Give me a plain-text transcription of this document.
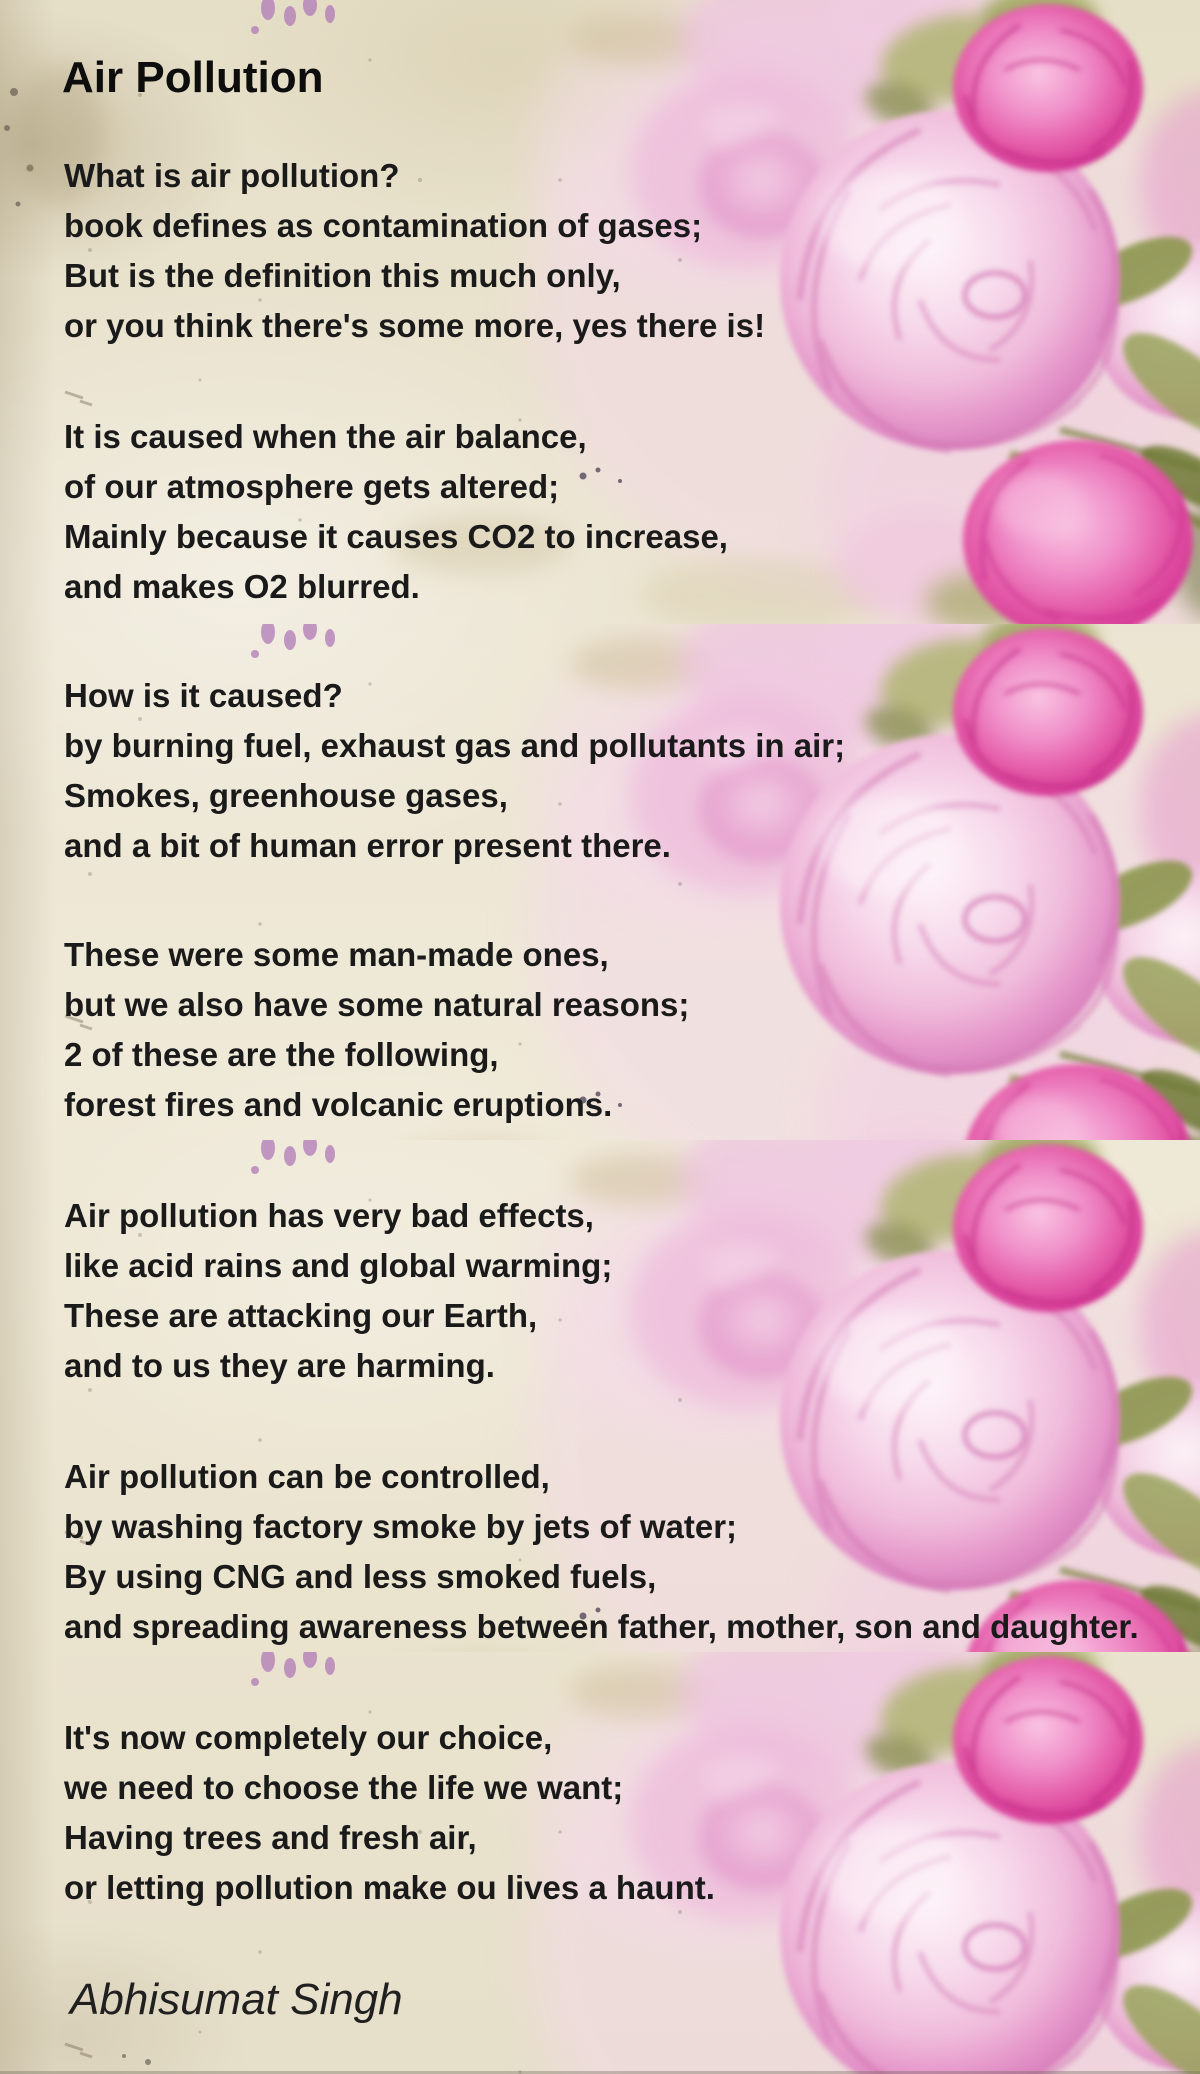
Air Pollution
What is air pollution?
book defines as contamination of gases;
But is the definition this much only,
or you think there's some more, yes there is!
It is caused when the air balance,
of our atmosphere gets altered;
Mainly because it causes CO2 to increase,
and makes O2 blurred.
How is it caused?
by burning fuel, exhaust gas and pollutants in air;
Smokes, greenhouse gases,
and a bit of human error present there.
These were some man-made ones,
but we also have some natural reasons;
2 of these are the following,
forest fires and volcanic eruptions.
Air pollution has very bad effects,
like acid rains and global warming;
These are attacking our Earth,
and to us they are harming.
Air pollution can be controlled,
by washing factory smoke by jets of water;
By using CNG and less smoked fuels,
and spreading awareness between father, mother, son and daughter.
It's now completely our choice,
we need to choose the life we want;
Having trees and fresh air,
or letting pollution make ou lives a haunt.
Abhisumat Singh
